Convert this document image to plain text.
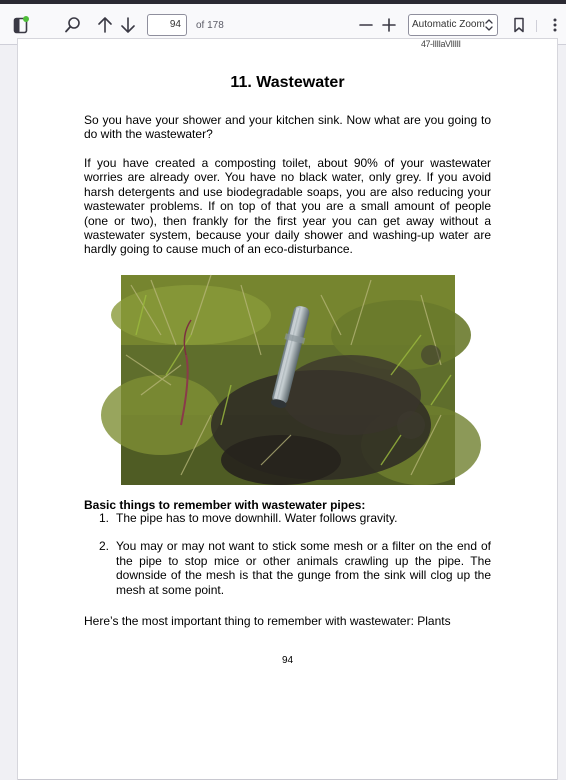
94 of 178	Automatic Zoom
47-IIIIaVIIIII
11. Wastewater

So you have your shower and your kitchen sink. Now what are you going to do with the wastewater?

If you have created a composting toilet, about 90% of your wastewater worries are already over. You have no black water, only grey. If you avoid harsh detergents and use biodegradable soaps, you are also reducing your wastewater problems. If on top of that you are a small amount of people (one or two), then frankly for the first year you can get away without a wastewater system, because your daily shower and washing-up water are hardly going to cause much of an eco-disturbance.

Basic things to remember with wastewater pipes:
1. The pipe has to move downhill. Water follows gravity.
2. You may or may not want to stick some mesh or a filter on the end of the pipe to stop mice or other animals crawling up the pipe. The downside of the mesh is that the gunge from the sink will clog up the mesh at some point.

Here’s the most important thing to remember with wastewater: Plants

94
